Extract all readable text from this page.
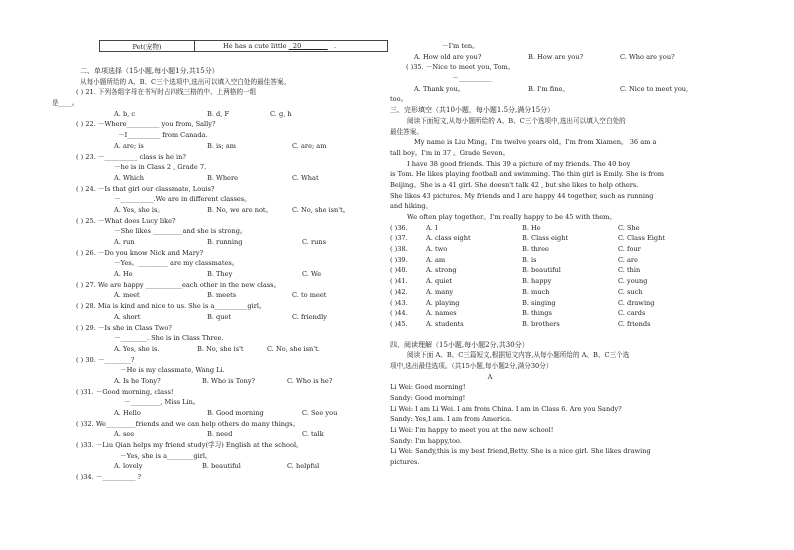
Pet(宠物)	He has a cute little 20________ .
二、单项选择（15小题,每小题1分,共15分）
从每小题所给的 A、B、C三个选项中,选出可以填入空白处的最佳答案。
( ) 21. 下列各组字母在书写时占四线三格的中、上两格的一组
是____。
A. b, c	B. d, F	C. g, h
( ) 22. －Where__________ you from, Sally?
－I__________ from Canada.
A. are; is	B. is; am	C. are; am
( ) 23. －__________ class is he in?
－he is in Class 2 , Grade 7.
A. Which	B. Where	C. What
( ) 24. －Is that girl our classmate, Louis?
－__________.We are in different classes。
A. Yes, she is。	B. No, we are not。	C. No, she isn't。
( ) 25. －What does Lucy like?
－She likes _________and she is strong。
A. run	B. running	C. runs
( ) 26. －Do you know Nick and Mary?
－Yes。_________ are my classmates。
A. He	B. They	C. We
( ) 27. We are happy ___________each other in the new class。
A. meet	B. meets	C. to meet
( ) 28. Mia is kind and nice to us. She is a__________girl。
A. short	B. quet	C. friendly
( ) 29. －Is she in Class Two?
－________. She is in Class Three.
A. Yes, she is.	B. No, she is't	C. No, she isn't.
( ) 30. －________?
－He is my classmate, Wang Li.
A. Is he Tony?	B. Who is Tony?	C. Who is he?
( )31. －Good morning, class!
－_________, Miss Lin。
A. Hello	B. Good morning	C. See you
( )32. We_________friends and we can help others do many things。
A. see	B. need	C. talk
( )33. －Liu Qian helps my friend study(学习) English at the school。
－Yes, she is a________girl。
A. lovely	B. beautiful	C. helpful
( )34. －__________ ?
－I'm ten。
A. How old are you?	B. How are you?	C. Who are you?
( )35. －Nice to meet you, Tom。
－__________
A. Thank you。	B. I'm fine。	C. Nice to meet you,
too。
三、完形填空（共10小题，每小题1.5分,满分15分）
阅读下面短文,从每小题所给的 A、B、C三个选项中,选出可以填入空白处的
最佳答案。
My name is Liu Ming。I'm twelve years old。I'm from Xiamen。 36 am a
tall boy。I'm in 37 。Grade Seven。
I have 38 good friends. This 39 a picture of my friends. The 40 boy
is Tom. He likes playing football and swimming. The thin girl is Emily. She is from
Beijing。She is a 41 girl. She doesn't talk 42 , but she likes to help others.
She likes 43 pictures. My friends and I are happy 44 together, such as running
and hiking。
We often play together。I'm really happy to be 45 with them。
( )36.	A. I	B. He	C. She
( )37.	A. class eight	B. Class eight	C. Class Eight
( )38.	A. two	B. three	C. four
( )39.	A. am	B. is	C. are
( )40.	A. strong	B. beautiful	C. thin
( )41.	A. quiet	B. happy	C. young
( )42.	A. many	B. much	C. such
( )43.	A. playing	B. singing	C. drawing
( )44.	A. names	B. things	C. cards
( )45.	A. students	B. brothers	C. friends
四、阅读理解（15小题,每小题2分,共30分）
阅读下面 A、B、C三篇短文,根据短文内容,从每小题所给的 A、B、C三个选
项中,选出最佳选项。（共15小题,每小题2分,满分30分）
A
Li Wei: Good morning!
Sandy: Good morning!
Li Wei: I am Li Wei. I am from China. I am in Class 6. Are you Sandy?
Sandy: Yes,I am. I am from America.
Li Wei: I'm happy to meet you at the new school!
Sandy: I'm happy,too.
Li Wei: Sandy,this is my best friend,Betty. She is a nice girl. She likes drawing
pictures.
